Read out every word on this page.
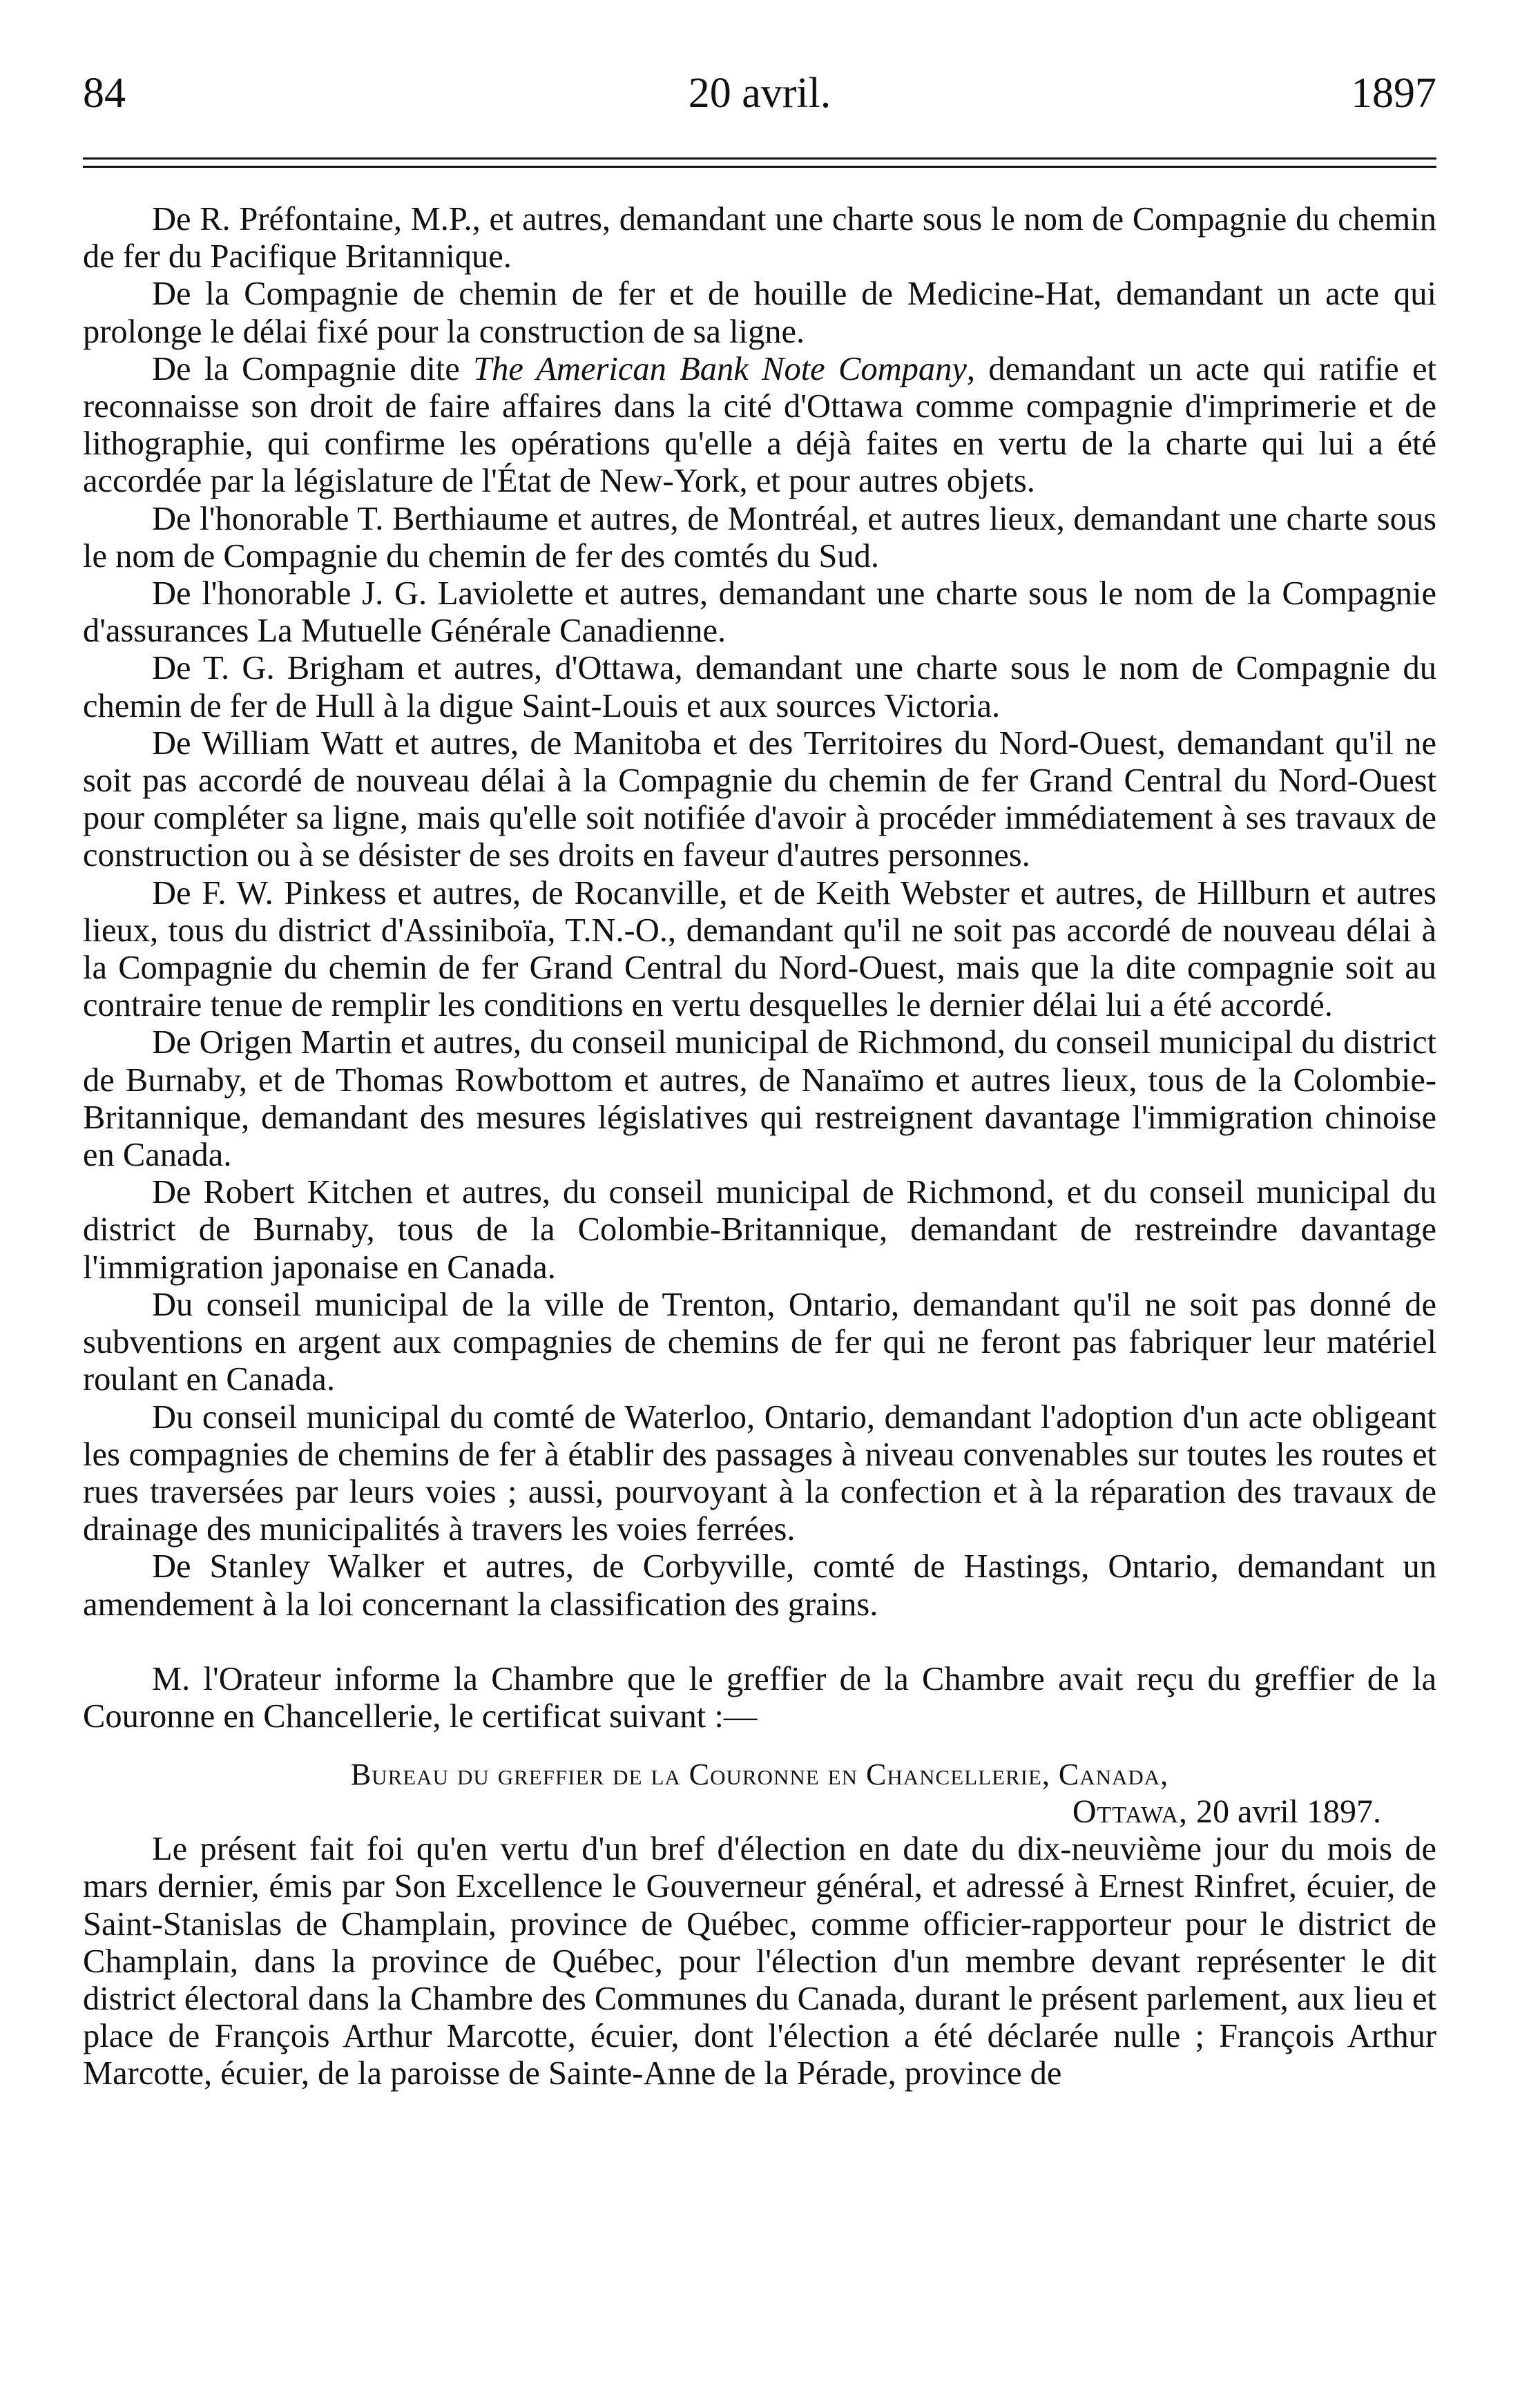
84	20 avril.	1897

De R. Préfontaine, M.P., et autres, demandant une charte sous le nom de Compagnie du chemin de fer du Pacifique Britannique.

De la Compagnie de chemin de fer et de houille de Medicine-Hat, demandant un acte qui prolonge le délai fixé pour la construction de sa ligne.

De la Compagnie dite The American Bank Note Company, demandant un acte qui ratifie et reconnaisse son droit de faire affaires dans la cité d'Ottawa comme compagnie d'imprimerie et de lithographie, qui confirme les opérations qu'elle a déjà faites en vertu de la charte qui lui a été accordée par la législature de l'État de New-York, et pour autres objets.

De l'honorable T. Berthiaume et autres, de Montréal, et autres lieux, demandant une charte sous le nom de Compagnie du chemin de fer des comtés du Sud.

De l'honorable J. G. Laviolette et autres, demandant une charte sous le nom de la Compagnie d'assurances La Mutuelle Générale Canadienne.

De T. G. Brigham et autres, d'Ottawa, demandant une charte sous le nom de Compagnie du chemin de fer de Hull à la digue Saint-Louis et aux sources Victoria.

De William Watt et autres, de Manitoba et des Territoires du Nord-Ouest, demandant qu'il ne soit pas accordé de nouveau délai à la Compagnie du chemin de fer Grand Central du Nord-Ouest pour compléter sa ligne, mais qu'elle soit notifiée d'avoir à procéder immédiatement à ses travaux de construction ou à se désister de ses droits en faveur d'autres personnes.

De F. W. Pinkess et autres, de Rocanville, et de Keith Webster et autres, de Hillburn et autres lieux, tous du district d'Assiniboïa, T.N.-O., demandant qu'il ne soit pas accordé de nouveau délai à la Compagnie du chemin de fer Grand Central du Nord-Ouest, mais que la dite compagnie soit au contraire tenue de remplir les conditions en vertu desquelles le dernier délai lui a été accordé.

De Origen Martin et autres, du conseil municipal de Richmond, du conseil municipal du district de Burnaby, et de Thomas Rowbottom et autres, de Nanaïmo et autres lieux, tous de la Colombie-Britannique, demandant des mesures législatives qui restreignent davantage l'immigration chinoise en Canada.

De Robert Kitchen et autres, du conseil municipal de Richmond, et du conseil municipal du district de Burnaby, tous de la Colombie-Britannique, demandant de restreindre davantage l'immigration japonaise en Canada.

Du conseil municipal de la ville de Trenton, Ontario, demandant qu'il ne soit pas donné de subventions en argent aux compagnies de chemins de fer qui ne feront pas fabriquer leur matériel roulant en Canada.

Du conseil municipal du comté de Waterloo, Ontario, demandant l'adoption d'un acte obligeant les compagnies de chemins de fer à établir des passages à niveau convenables sur toutes les routes et rues traversées par leurs voies ; aussi, pourvoyant à la confection et à la réparation des travaux de drainage des municipalités à travers les voies ferrées.

De Stanley Walker et autres, de Corbyville, comté de Hastings, Ontario, demandant un amendement à la loi concernant la classification des grains.

M. l'Orateur informe la Chambre que le greffier de la Chambre avait reçu du greffier de la Couronne en Chancellerie, le certificat suivant :—

Bureau du greffier de la Couronne en Chancellerie, Canada,
Ottawa, 20 avril 1897.

Le présent fait foi qu'en vertu d'un bref d'élection en date du dix-neuvième jour du mois de mars dernier, émis par Son Excellence le Gouverneur général, et adressé à Ernest Rinfret, écuier, de Saint-Stanislas de Champlain, province de Québec, comme officier-rapporteur pour le district de Champlain, dans la province de Québec, pour l'élection d'un membre devant représenter le dit district électoral dans la Chambre des Communes du Canada, durant le présent parlement, aux lieu et place de François Arthur Marcotte, écuier, dont l'élection a été déclarée nulle ; François Arthur Marcotte, écuier, de la paroisse de Sainte-Anne de la Pérade, province de
